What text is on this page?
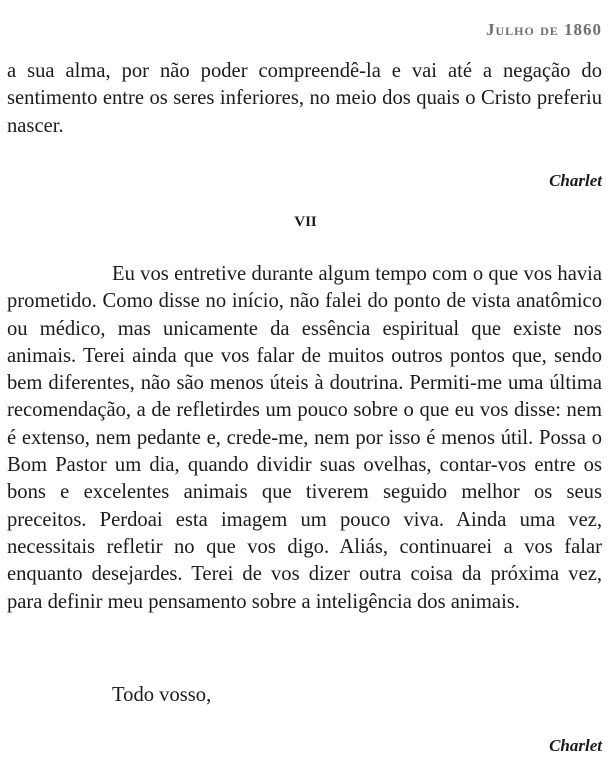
Julho de 1860

a sua alma, por não poder compreendê-la e vai até a negação do sentimento entre os seres inferiores, no meio dos quais o Cristo preferiu nascer.

Charlet
VII

Eu vos entretive durante algum tempo com o que vos havia prometido. Como disse no início, não falei do ponto de vista anatômico ou médico, mas unicamente da essência espiritual que existe nos animais. Terei ainda que vos falar de muitos outros pontos que, sendo bem diferentes, não são menos úteis à doutrina. Permiti-me uma última recomendação, a de refletirdes um pouco sobre o que eu vos disse: nem é extenso, nem pedante e, crede-me, nem por isso é menos útil. Possa o Bom Pastor um dia, quando dividir suas ovelhas, contar-vos entre os bons e excelentes animais que tiverem seguido melhor os seus preceitos. Perdoai esta imagem um pouco viva. Ainda uma vez, necessitais refletir no que vos digo. Aliás, continuarei a vos falar enquanto desejardes. Terei de vos dizer outra coisa da próxima vez, para definir meu pensamento sobre a inteligência dos animais.

Todo vosso,
Charlet
